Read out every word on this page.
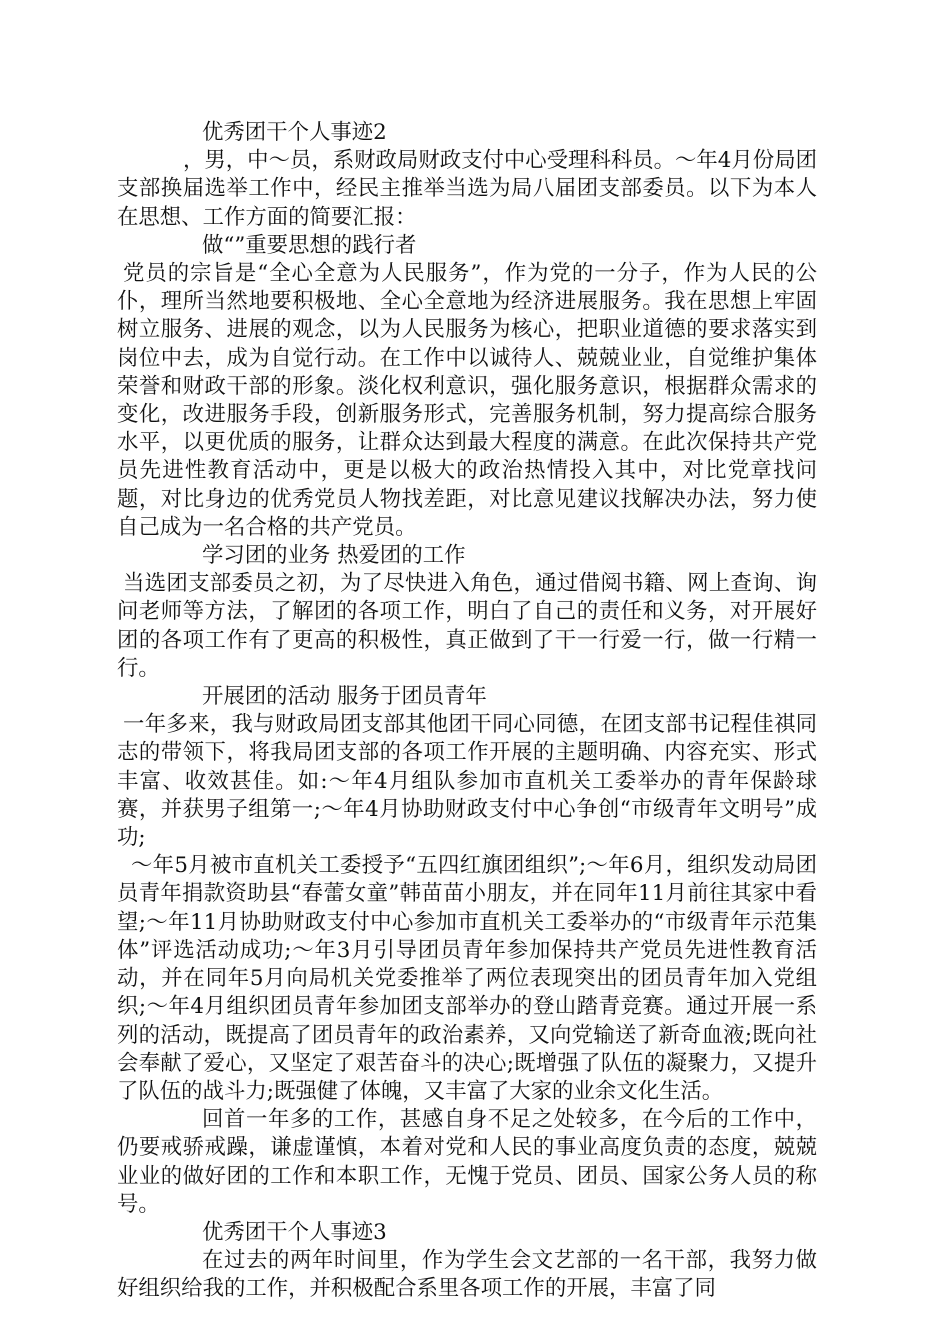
优秀团干个人事迹2

，男，中～员，系财政局财政支付中心受理科科员。～年4月份局团支部换届选举工作中，经民主推举当选为局八届团支部委员。以下为本人在思想、工作方面的简要汇报：

做“”重要思想的践行者

党员的宗旨是“全心全意为人民服务”，作为党的一分子，作为人民的公仆，理所当然地要积极地、全心全意地为经济进展服务。我在思想上牢固树立服务、进展的观念，以为人民服务为核心，把职业道德的要求落实到岗位中去，成为自觉行动。在工作中以诚待人、兢兢业业，自觉维护集体荣誉和财政干部的形象。淡化权利意识，强化服务意识，根据群众需求的变化，改进服务手段，创新服务形式，完善服务机制，努力提高综合服务水平，以更优质的服务，让群众达到最大程度的满意。在此次保持共产党员先进性教育活动中，更是以极大的政治热情投入其中，对比党章找问题，对比身边的优秀党员人物找差距，对比意见建议找解决办法，努力使自己成为一名合格的共产党员。

学习团的业务 热爱团的工作

当选团支部委员之初，为了尽快进入角色，通过借阅书籍、网上查询、询问老师等方法，了解团的各项工作，明白了自己的责任和义务，对开展好团的各项工作有了更高的积极性，真正做到了干一行爱一行，做一行精一行。

开展团的活动 服务于团员青年

一年多来，我与财政局团支部其他团干同心同德，在团支部书记程佳祺同志的带领下，将我局团支部的各项工作开展的主题明确、内容充实、形式丰富、收效甚佳。如:～年4月组队参加市直机关工委举办的青年保龄球赛，并获男子组第一;～年4月协助财政支付中心争创“市级青年文明号”成功;

～年5月被市直机关工委授予“五四红旗团组织”;～年6月，组织发动局团员青年捐款资助县“春蕾女童”韩苗苗小朋友，并在同年11月前往其家中看望;～年11月协助财政支付中心参加市直机关工委举办的“市级青年示范集体”评选活动成功;～年3月引导团员青年参加保持共产党员先进性教育活动，并在同年5月向局机关党委推举了两位表现突出的团员青年加入党组织;～年4月组织团员青年参加团支部举办的登山踏青竞赛。通过开展一系列的活动，既提高了团员青年的政治素养，又向党输送了新奇血液;既向社会奉献了爱心，又坚定了艰苦奋斗的决心;既增强了队伍的凝聚力，又提升了队伍的战斗力;既强健了体魄，又丰富了大家的业余文化生活。

回首一年多的工作，甚感自身不足之处较多，在今后的工作中，仍要戒骄戒躁，谦虚谨慎，本着对党和人民的事业高度负责的态度，兢兢业业的做好团的工作和本职工作，无愧于党员、团员、国家公务人员的称号。

优秀团干个人事迹3

在过去的两年时间里，作为学生会文艺部的一名干部，我努力做好组织给我的工作，并积极配合系里各项工作的开展，丰富了同
